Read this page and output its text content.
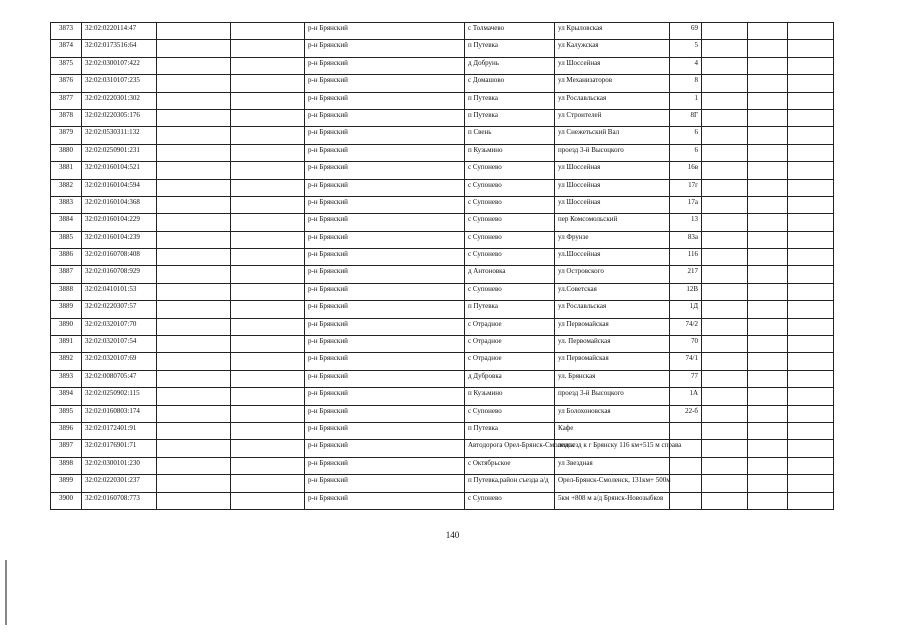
3873	32:02:0220114:47			р-н Брянский	с Толмачево	ул Крыловская	69			
3874	32:02:0173516:64			р-н Брянский	п Путевка	ул Калужская	5			
3875	32:02:0300107:422			р-н Брянский	д Добрунь	ул Шоссейная	4			
3876	32:02:0310107:235			р-н Брянский	с Домашово	ул Механизаторов	8			
3877	32:02:0220301:302			р-н Брянский	п Путевка	ул Рославльская	1			
3878	32:02:0220305:176			р-н Брянский	п Путевка	ул Строителей	8Г			
3879	32:02:0530311:132			р-н Брянский	п Свень	ул Снежетьский Вал	6			
3880	32:02:0250901:231			р-н Брянский	п Кузьмино	проезд 3-й Высоцкого	6			
3881	32:02:0160104:521			р-н Брянский	с Супонево	ул Шоссейная	16в			
3882	32:02:0160104:594			р-н Брянский	с Супонево	ул Шоссейная	17г			
3883	32:02:0160104:368			р-н Брянский	с Супонево	ул Шоссейная	17а			
3884	32:02:0160104:229			р-н Брянский	с Супонево	пер Комсомольский	13			
3885	32:02:0160104:239			р-н Брянский	с Супонево	ул Фрунзе	83а			
3886	32:02:0160708:408			р-н Брянский	с Супонево	ул.Шоссейная	116			
3887	32:02:0160708:929			р-н Брянский	д Антоновка	ул Островского	217			
3888	32:02:0410101:53			р-н Брянский	с Супонево	ул.Советская	12В			
3889	32:02:0220307:57			р-н Брянский	п Путевка	ул Рославльская	1Д			
3890	32:02:0320107:70			р-н Брянский	с Отрадное	ул Первомайская	74/2			
3891	32:02:0320107:54			р-н Брянский	с Отрадное	ул. Первомайская	70			
3892	32:02:0320107:69			р-н Брянский	с Отрадное	ул Первомайская	74/1			
3893	32:02:0080705:47			р-н Брянский	д Дубровка	ул. Брянская	77			
3894	32:02:0250902:115			р-н Брянский	п Кузьмино	проезд 3-й Высоцкого	1А			
3895	32:02:0160803:174			р-н Брянский	с Супонево	ул Болохоновская	22-б			
3896	32:02:0172401:91			р-н Брянский	п Путевка	Кафе				
3897	32:02:0176901:71			р-н Брянский	Автодорога Орел-Брянск-Смоленск	подъезд к г Брянску 116 км+515 м справа				
3898	32:02:0300101:230			р-н Брянский	с Октябрьское	ул Звездная				
3899	32:02:0220301:237			р-н Брянский	п Путевка,район съезда а/д	Орел-Брянск-Смоленск, 131км+ 500м				
3900	32:02:0160708:773			р-н Брянский	с Супонево	5км +808 м а/д Брянск-Новозыбков				
140
